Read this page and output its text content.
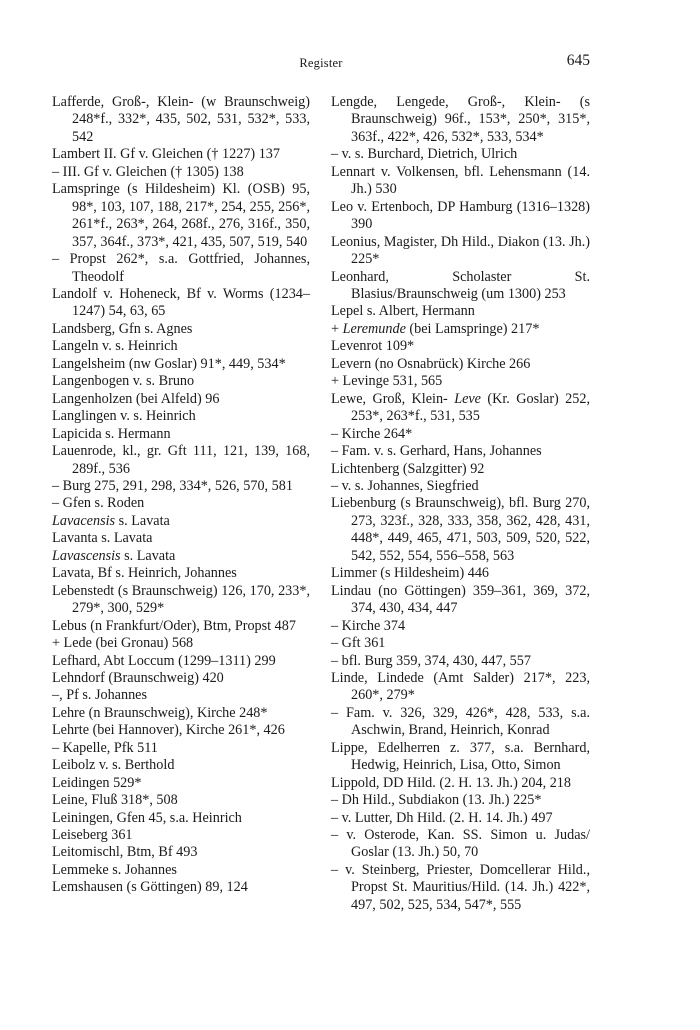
Register	645
Lafferde, Groß-, Klein- (w Braunschweig) 248*f., 332*, 435, 502, 531, 532*, 533, 542
Lambert II. Gf v. Gleichen († 1227) 137
– III. Gf v. Gleichen († 1305) 138
Lamspringe (s Hildesheim) Kl. (OSB) 95, 98*, 103, 107, 188, 217*, 254, 255, 256*, 261*f., 263*, 264, 268f., 276, 316f., 350, 357, 364f., 373*, 421, 435, 507, 519, 540
– Propst 262*, s.a. Gottfried, Johannes, Theodolf
Landolf v. Hoheneck, Bf v. Worms (1234–1247) 54, 63, 65
Landsberg, Gfn s. Agnes
Langeln v. s. Heinrich
Langelsheim (nw Goslar) 91*, 449, 534*
Langenbogen v. s. Bruno
Langenholzen (bei Alfeld) 96
Langlingen v. s. Heinrich
Lapicida s. Hermann
Lauenrode, kl., gr. Gft 111, 121, 139, 168, 289f., 536
– Burg 275, 291, 298, 334*, 526, 570, 581
– Gfen s. Roden
Lavacensis s. Lavata
Lavanta s. Lavata
Lavascensis s. Lavata
Lavata, Bf s. Heinrich, Johannes
Lebenstedt (s Braunschweig) 126, 170, 233*, 279*, 300, 529*
Lebus (n Frankfurt/Oder), Btm, Propst 487
+ Lede (bei Gronau) 568
Lefhard, Abt Loccum (1299–1311) 299
Lehndorf (Braunschweig) 420
–, Pf s. Johannes
Lehre (n Braunschweig), Kirche 248*
Lehrte (bei Hannover), Kirche 261*, 426
– Kapelle, Pfk 511
Leibolz v. s. Berthold
Leidingen 529*
Leine, Fluß 318*, 508
Leiningen, Gfen 45, s.a. Heinrich
Leiseberg 361
Leitomischl, Btm, Bf 493
Lemmeke s. Johannes
Lemshausen (s Göttingen) 89, 124
Lengde, Lengede, Groß-, Klein- (s Braunschweig) 96f., 153*, 250*, 315*, 363f., 422*, 426, 532*, 533, 534*
– v. s. Burchard, Dietrich, Ulrich
Lennart v. Volkensen, bfl. Lehensmann (14. Jh.) 530
Leo v. Ertenboch, DP Hamburg (1316–1328) 390
Leonius, Magister, Dh Hild., Diakon (13. Jh.) 225*
Leonhard, Scholaster St. Blasius/Braunschweig (um 1300) 253
Lepel s. Albert, Hermann
+ Leremunde (bei Lamspringe) 217*
Levenrot 109*
Levern (no Osnabrück) Kirche 266
+ Levinge 531, 565
Lewe, Groß, Klein- Leve (Kr. Goslar) 252, 253*, 263*f., 531, 535
– Kirche 264*
– Fam. v. s. Gerhard, Hans, Johannes
Lichtenberg (Salzgitter) 92
– v. s. Johannes, Siegfried
Liebenburg (s Braunschweig), bfl. Burg 270, 273, 323f., 328, 333, 358, 362, 428, 431, 448*, 449, 465, 471, 503, 509, 520, 522, 542, 552, 554, 556–558, 563
Limmer (s Hildesheim) 446
Lindau (no Göttingen) 359–361, 369, 372, 374, 430, 434, 447
– Kirche 374
– Gft 361
– bfl. Burg 359, 374, 430, 447, 557
Linde, Lindede (Amt Salder) 217*, 223, 260*, 279*
– Fam. v. 326, 329, 426*, 428, 533, s.a. Aschwin, Brand, Heinrich, Konrad
Lippe, Edelherren z. 377, s.a. Bernhard, Hedwig, Heinrich, Lisa, Otto, Simon
Lippold, DD Hild. (2. H. 13. Jh.) 204, 218
– Dh Hild., Subdiakon (13. Jh.) 225*
– v. Lutter, Dh Hild. (2. H. 14. Jh.) 497
– v. Osterode, Kan. SS. Simon u. Judas/ Goslar (13. Jh.) 50, 70
– v. Steinberg, Priester, Domcellerar Hild., Propst St. Mauritius/Hild. (14. Jh.) 422*, 497, 502, 525, 534, 547*, 555
